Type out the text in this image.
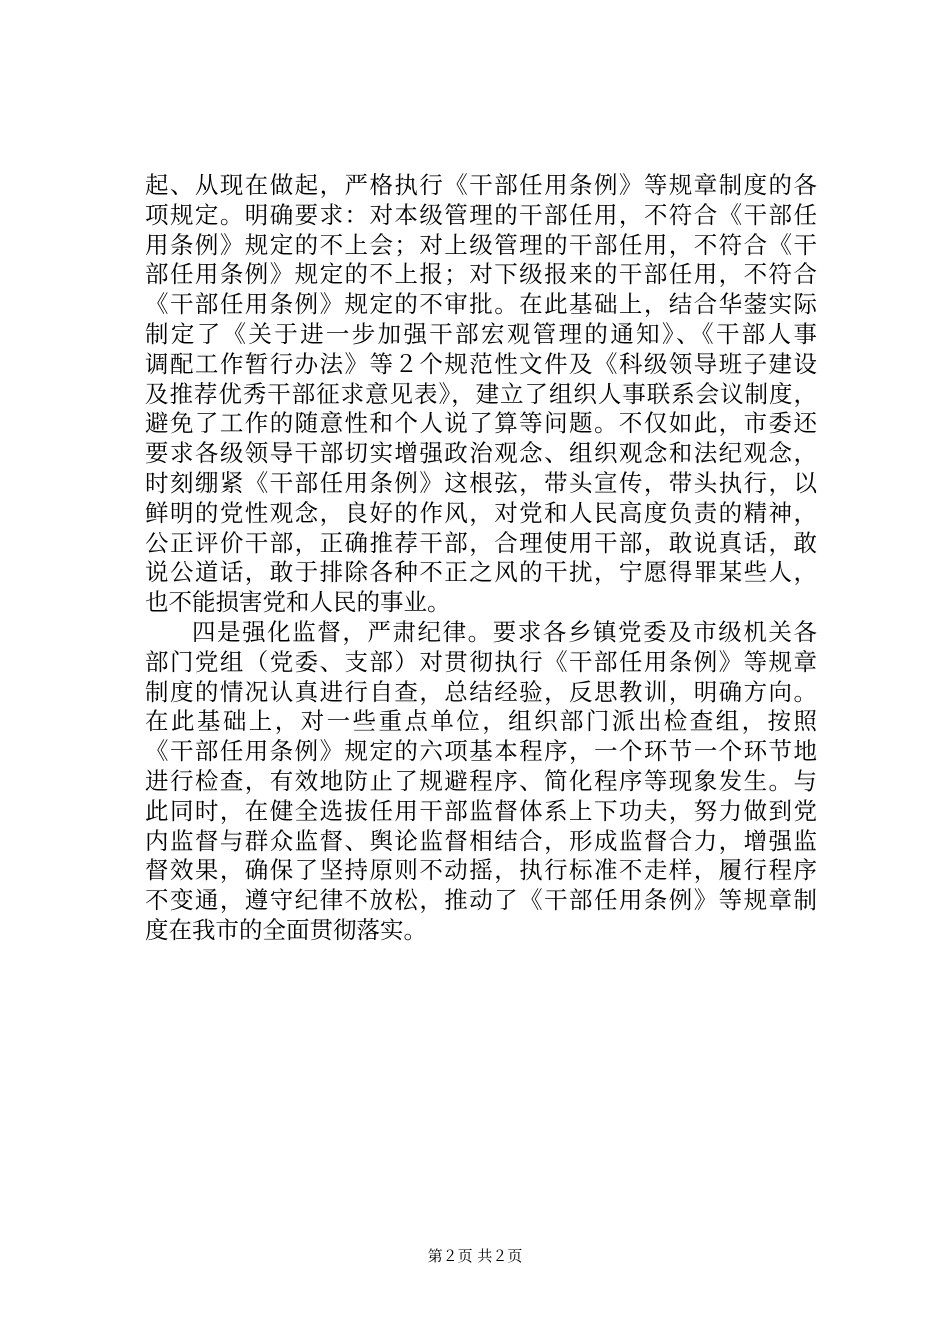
起、从现在做起，严格执行《干部任用条例》等规章制度的各
项规定。明确要求：对本级管理的干部任用，不符合《干部任
用条例》规定的不上会；对上级管理的干部任用，不符合《干
部任用条例》规定的不上报；对下级报来的干部任用，不符合
《干部任用条例》规定的不审批。在此基础上，结合华蓥实际
制定了《关于进一步加强干部宏观管理的通知》、《干部人事
调配工作暂行办法》等２个规范性文件及《科级领导班子建设
及推荐优秀干部征求意见表》，建立了组织人事联系会议制度，
避免了工作的随意性和个人说了算等问题。不仅如此，市委还
要求各级领导干部切实增强政治观念、组织观念和法纪观念，
时刻绷紧《干部任用条例》这根弦，带头宣传，带头执行，以
鲜明的党性观念，良好的作风，对党和人民高度负责的精神，
公正评价干部，正确推荐干部，合理使用干部，敢说真话，敢
说公道话，敢于排除各种不正之风的干扰，宁愿得罪某些人，
也不能损害党和人民的事业。
四是强化监督，严肃纪律。要求各乡镇党委及市级机关各
部门党组（党委、支部）对贯彻执行《干部任用条例》等规章
制度的情况认真进行自查，总结经验，反思教训，明确方向。
在此基础上，对一些重点单位，组织部门派出检查组，按照
《干部任用条例》规定的六项基本程序，一个环节一个环节地
进行检查，有效地防止了规避程序、简化程序等现象发生。与
此同时，在健全选拔任用干部监督体系上下功夫，努力做到党
内监督与群众监督、舆论监督相结合，形成监督合力，增强监
督效果，确保了坚持原则不动摇，执行标准不走样，履行程序
不变通，遵守纪律不放松，推动了《干部任用条例》等规章制
度在我市的全面贯彻落实。
第２页 共２页
